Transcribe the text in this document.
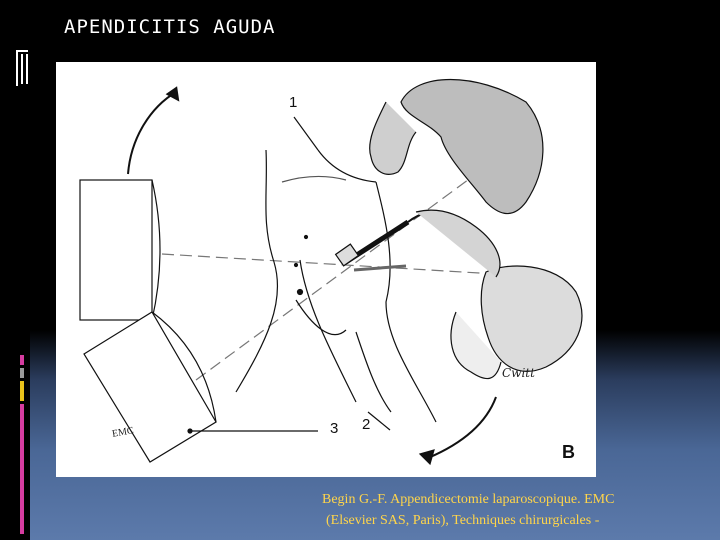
APENDICITIS AGUDA
1
2
3
B
EMC
Cwitt
Begin G.-F. Appendicectomie laparoscopique. EMC
(Elsevier SAS, Paris), Techniques chirurgicales -
